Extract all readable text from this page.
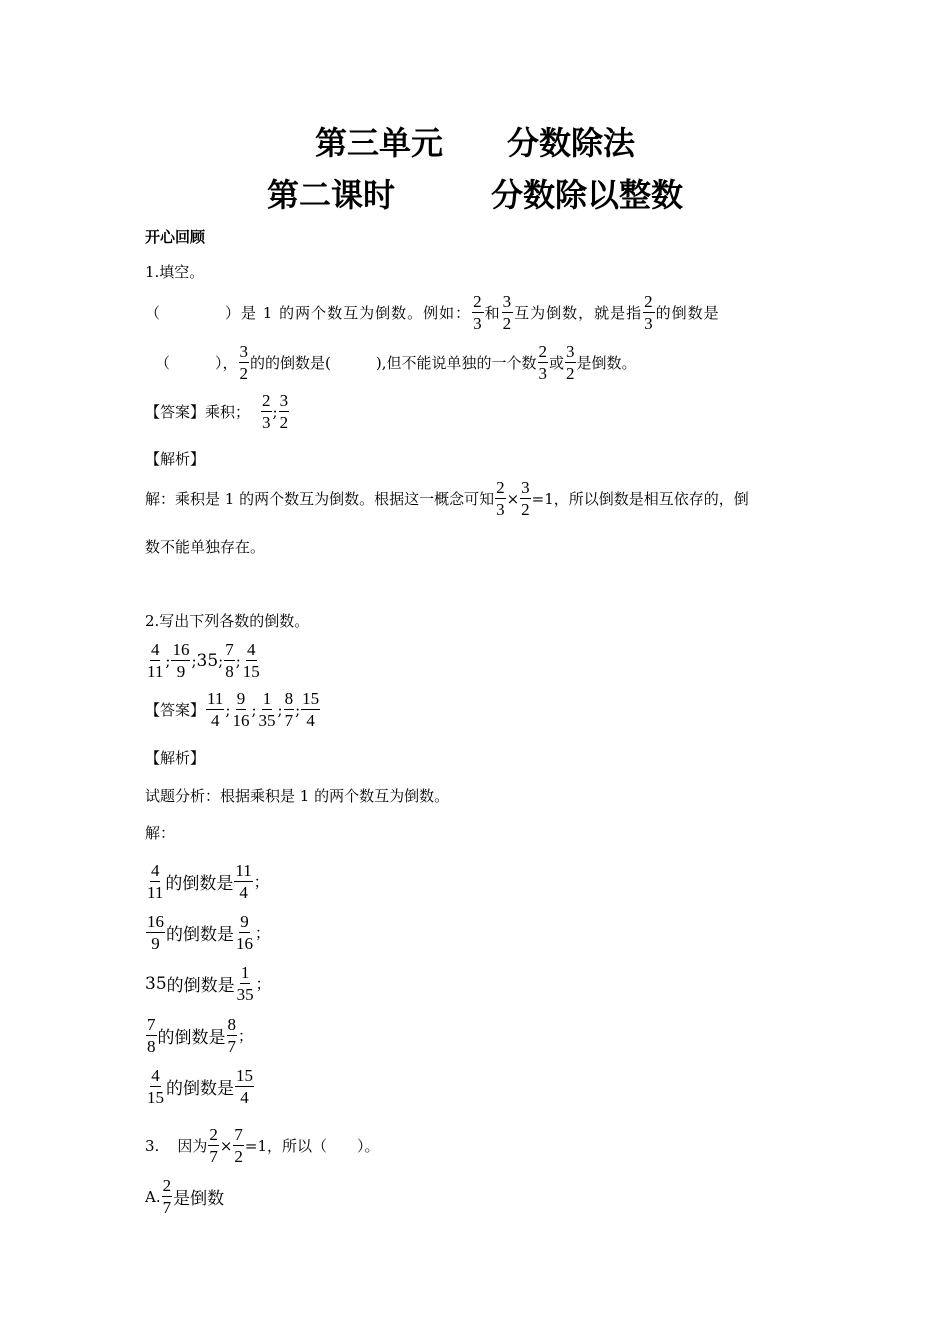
第三单元　　分数除法
第二课时　　　分数除以整数
开心回顾
1.填空。
（　　　　）是 1 的两个数互为倒数。例如： $\frac{2}{3}$ 和 $\frac{3}{2}$ 互为倒数，就是指 $\frac{2}{3}$ 的倒数是
（　　　）， $\frac{3}{2}$ 的的倒数是(　　　),但不能说单独的一个数 $\frac{2}{3}$ 或 $\frac{3}{2}$ 是倒数。
【答案】乘积； $\frac{2}{3}$ ; $\frac{3}{2}$
【解析】
解：乘积是 1 的两个数互为倒数。根据这一概念可知 $\frac{2}{3} \times \frac{3}{2} =1$，所以倒数是相互依存的，倒
数不能单独存在。
2.写出下列各数的倒数。
$\frac{4}{11}$ ; $\frac{16}{9}$ ; 35 ; $\frac{7}{8}$ ; $\frac{4}{15}$
【答案】 $\frac{11}{4}$ ; $\frac{9}{16}$ ; $\frac{1}{35}$ ; $\frac{8}{7}$ ; $\frac{15}{4}$
【解析】
试题分析：根据乘积是 1 的两个数互为倒数。
解：
$\frac{4}{11}$ 的倒数是 $\frac{11}{4}$ ；
$\frac{16}{9}$ 的倒数是 $\frac{9}{16}$ ；
35 的倒数是 $\frac{1}{35}$ ；
$\frac{7}{8}$ 的倒数是 $\frac{8}{7}$ ；
$\frac{4}{15}$ 的倒数是 $\frac{15}{4}$
3. 因为 $\frac{2}{7} \times \frac{7}{2} =1$，所以（　　）。
A. $\frac{2}{7}$ 是倒数
